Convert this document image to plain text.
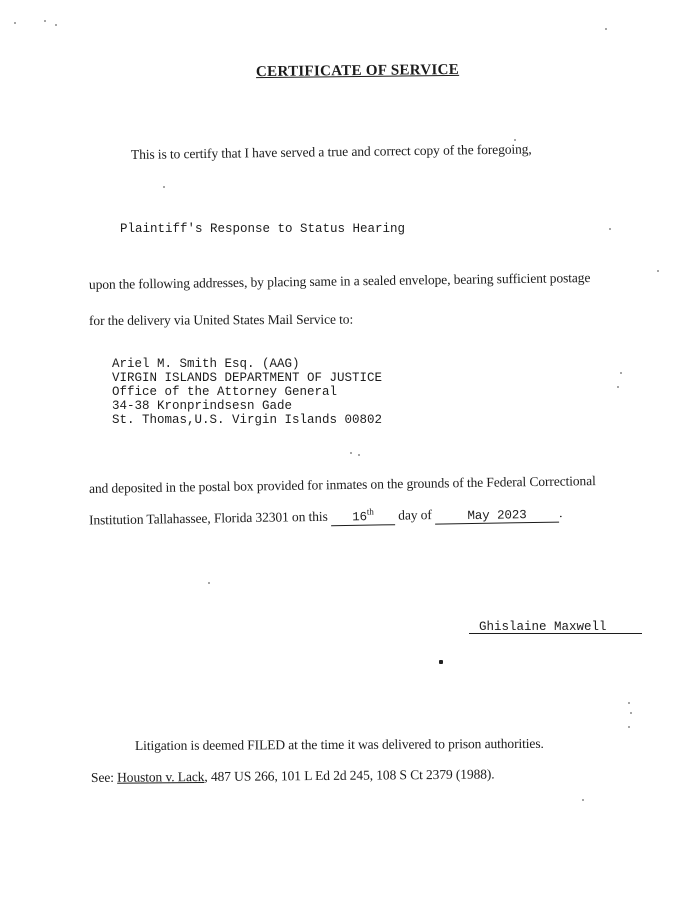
CERTIFICATE OF SERVICE
This is to certify that I have served a true and correct copy of the foregoing,
Plaintiff's Response to Status Hearing
upon the following addresses, by placing same in a sealed envelope, bearing sufficient postage
for the delivery via United States Mail Service to:
Ariel M. Smith Esq. (AAG)
VIRGIN ISLANDS DEPARTMENT OF JUSTICE
Office of the Attorney General
34-38 Kronprindsesn Gade
St. Thomas,U.S. Virgin Islands 00802
and deposited in the postal box provided for inmates on the grounds of the Federal Correctional
Institution Tallahassee, Florida 32301 on this 16th day of	May 2023 .
Ghislaine Maxwell
Litigation is deemed FILED at the time it was delivered to prison authorities.
See: Houston v. Lack, 487 US 266, 101 L Ed 2d 245, 108 S Ct 2379 (1988).
